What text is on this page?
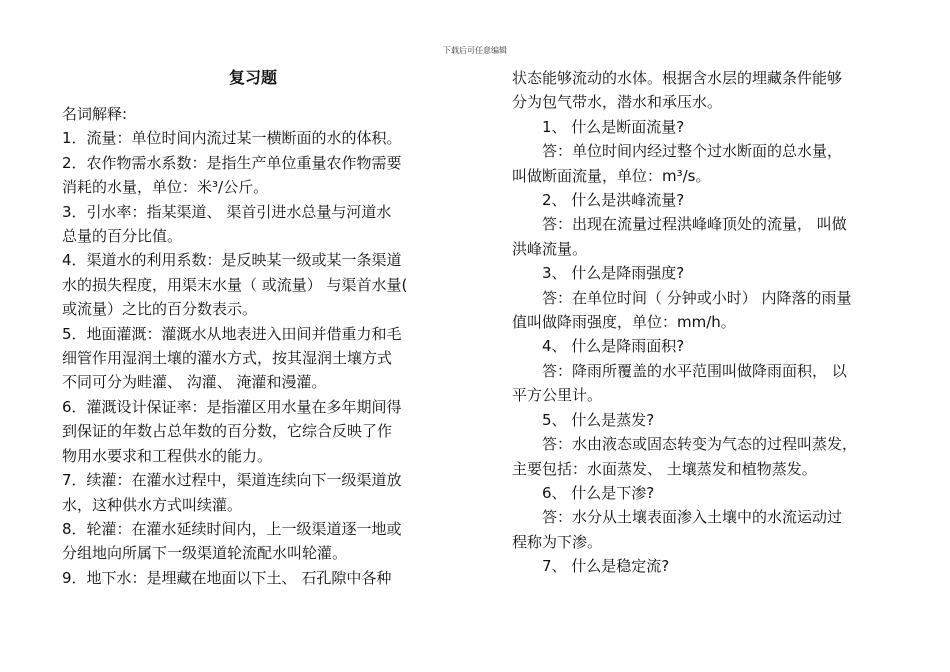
下载后可任意编辑
复习题
名词解释:
1．流量：单位时间内流过某一横断面的水的体积。
2．农作物需水系数：是指生产单位重量农作物需要
消耗的水量，单位：米³/公斤。
3．引水率：指某渠道、 渠首引进水总量与河道水
总量的百分比值。
4．渠道水的利用系数：是反映某一级或某一条渠道
水的损失程度，用渠末水量（ 或流量） 与渠首水量(
或流量）之比的百分数表示。
5．地面灌溉：灌溉水从地表进入田间并借重力和毛
细管作用湿润土壤的灌水方式，按其湿润土壤方式
不同可分为畦灌、 沟灌、 淹灌和漫灌。
6．灌溉设计保证率：是指灌区用水量在多年期间得
到保证的年数占总年数的百分数，它综合反映了作
物用水要求和工程供水的能力。
7．续灌：在灌水过程中，渠道连续向下一级渠道放
水，这种供水方式叫续灌。
8．轮灌：在灌水延续时间内，上一级渠道逐一地或
分组地向所属下一级渠道轮流配水叫轮灌。
9．地下水：是埋藏在地面以下土、 石孔隙中各种
状态能够流动的水体。根据含水层的埋藏条件能够
分为包气带水，潜水和承压水。
1、 什么是断面流量?
答：单位时间内经过整个过水断面的总水量，
叫做断面流量，单位：m³/s。
2、 什么是洪峰流量?
答：出现在流量过程洪峰峰顶处的流量， 叫做
洪峰流量。
3、 什么是降雨强度?
答：在单位时间（ 分钟或小时） 内降落的雨量
值叫做降雨强度，单位：mm/h。
4、 什么是降雨面积?
答：降雨所覆盖的水平范围叫做降雨面积， 以
平方公里计。
5、 什么是蒸发?
答：水由液态或固态转变为气态的过程叫蒸发，
主要包括：水面蒸发、 土壤蒸发和植物蒸发。
6、 什么是下渗?
答：水分从土壤表面渗入土壤中的水流运动过
程称为下渗。
7、 什么是稳定流?
